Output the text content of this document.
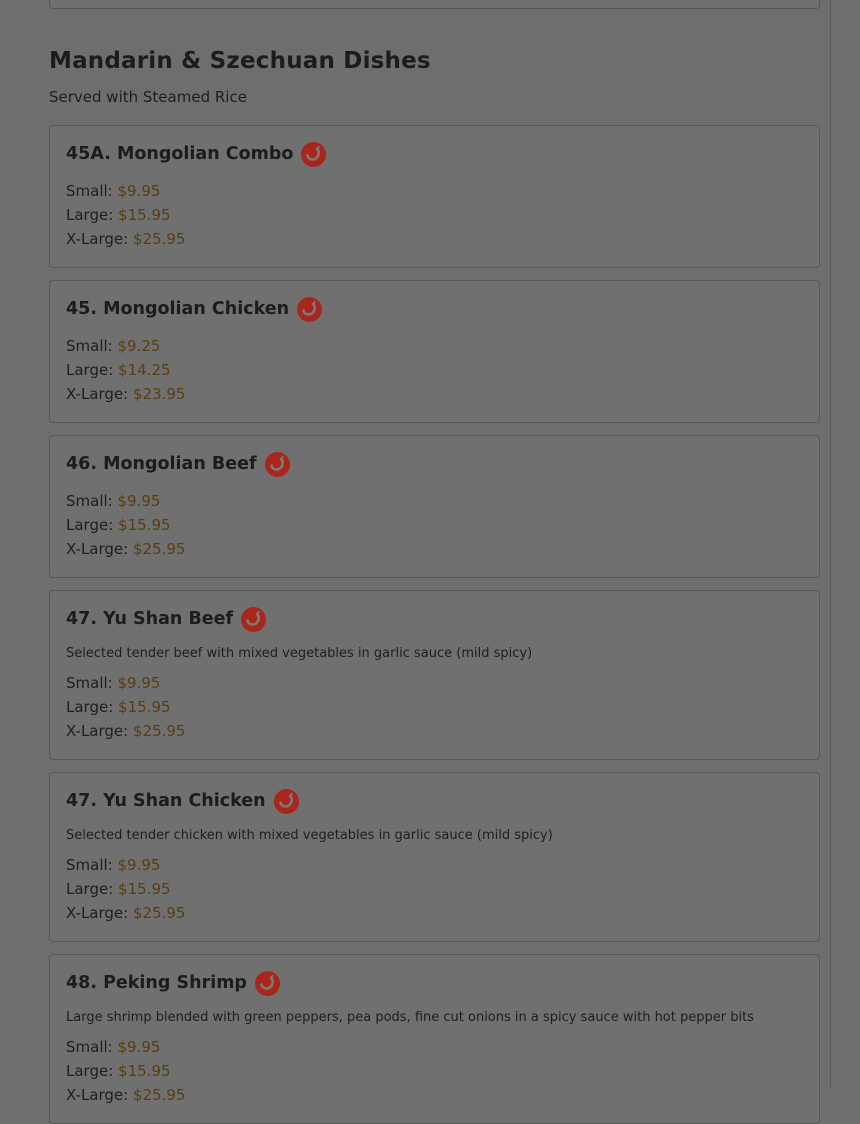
Mandarin & Szechuan Dishes
Served with Steamed Rice
45A. Mongolian Combo
Small: $9.95
Large: $15.95
X-Large: $25.95
45. Mongolian Chicken
Small: $9.25
Large: $14.25
X-Large: $23.95
46. Mongolian Beef
Small: $9.95
Large: $15.95
X-Large: $25.95
47. Yu Shan Beef
Selected tender beef with mixed vegetables in garlic sauce (mild spicy)
Small: $9.95
Large: $15.95
X-Large: $25.95
47. Yu Shan Chicken
Selected tender chicken with mixed vegetables in garlic sauce (mild spicy)
Small: $9.95
Large: $15.95
X-Large: $25.95
48. Peking Shrimp
Large shrimp blended with green peppers, pea pods, fine cut onions in a spicy sauce with hot pepper bits
Small: $9.95
Large: $15.95
X-Large: $25.95
